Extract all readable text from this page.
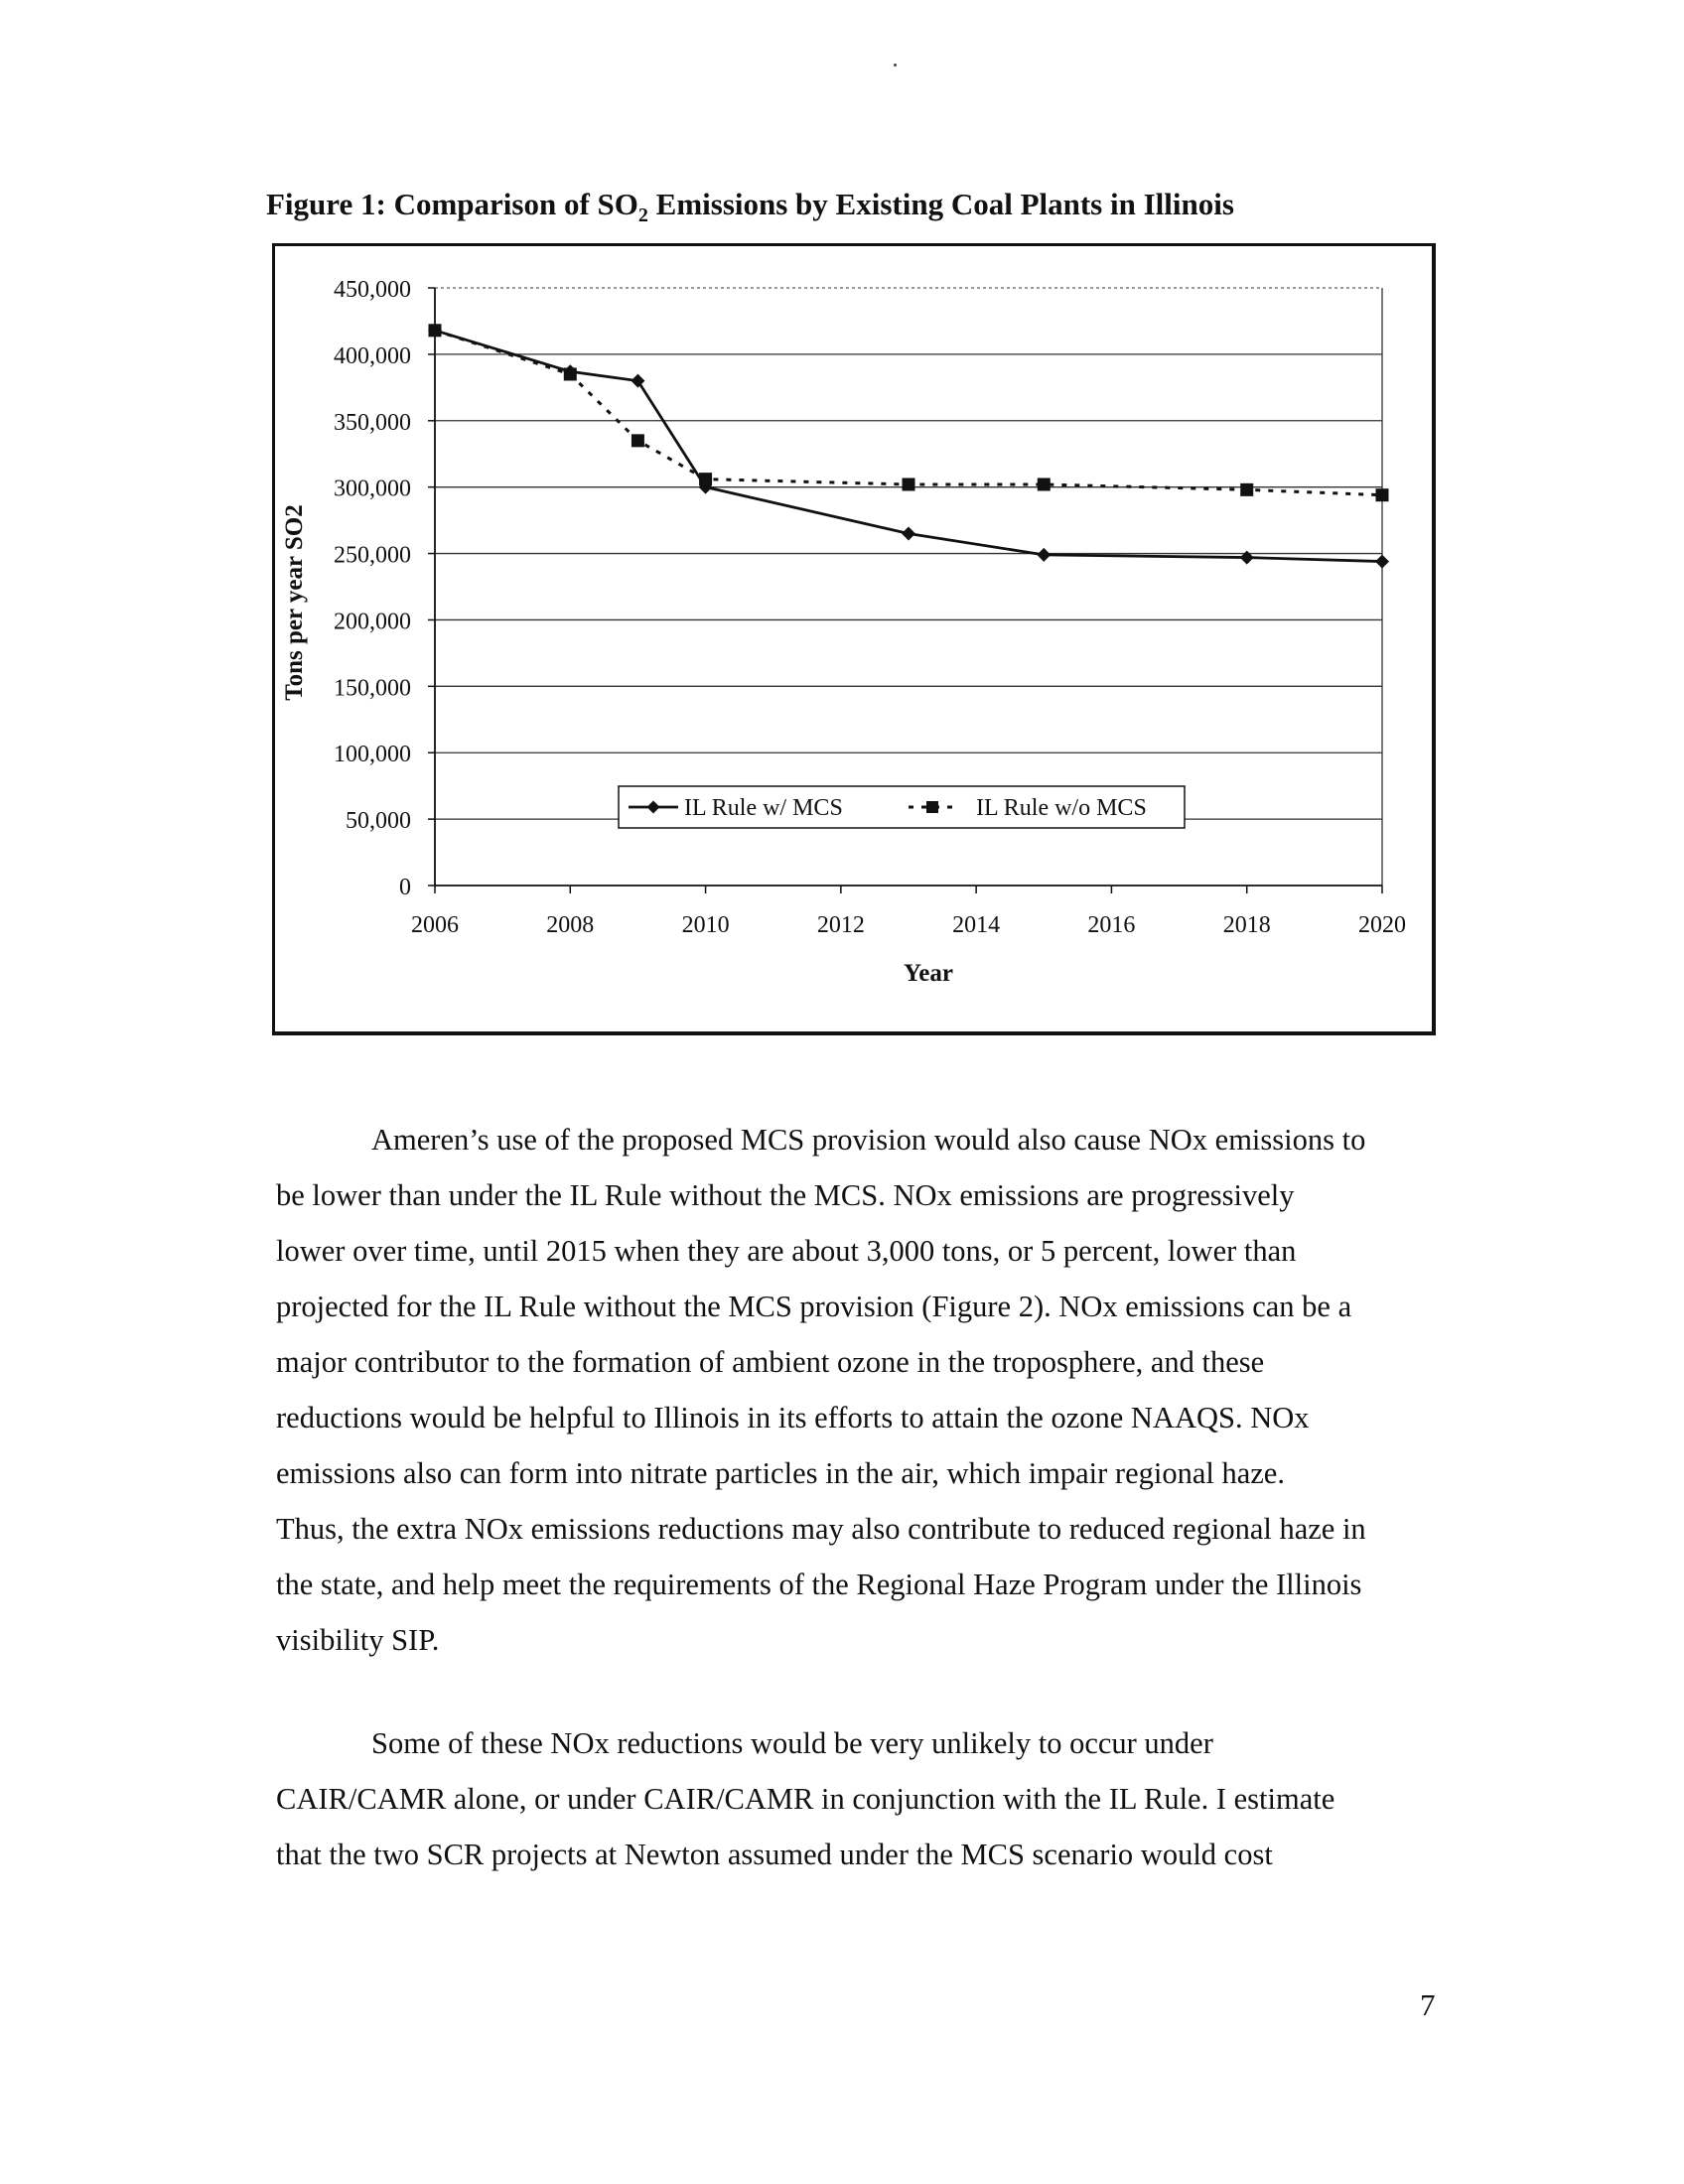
Figure 1: Comparison of $SO_2$ Emissions by Existing Coal Plants in Illinois
0
50,000
100,000
150,000
200,000
250,000
300,000
350,000
400,000
450,000
2006	2008	2010	2012	2014	2016	2018	2020
Year
Tons per year SO2
IL Rule w/ MCS	IL Rule w/o MCS
Ameren’s use of the proposed MCS provision would also cause NOx emissions to
be lower than under the IL Rule without the MCS. NOx emissions are progressively
lower over time, until 2015 when they are about 3,000 tons, or 5 percent, lower than
projected for the IL Rule without the MCS provision (Figure 2). NOx emissions can be a
major contributor to the formation of ambient ozone in the troposphere, and these
reductions would be helpful to Illinois in its efforts to attain the ozone NAAQS. NOx
emissions also can form into nitrate particles in the air, which impair regional haze.
Thus, the extra NOx emissions reductions may also contribute to reduced regional haze in
the state, and help meet the requirements of the Regional Haze Program under the Illinois
visibility SIP.
Some of these NOx reductions would be very unlikely to occur under
CAIR/CAMR alone, or under CAIR/CAMR in conjunction with the IL Rule. I estimate
that the two SCR projects at Newton assumed under the MCS scenario would cost
7
